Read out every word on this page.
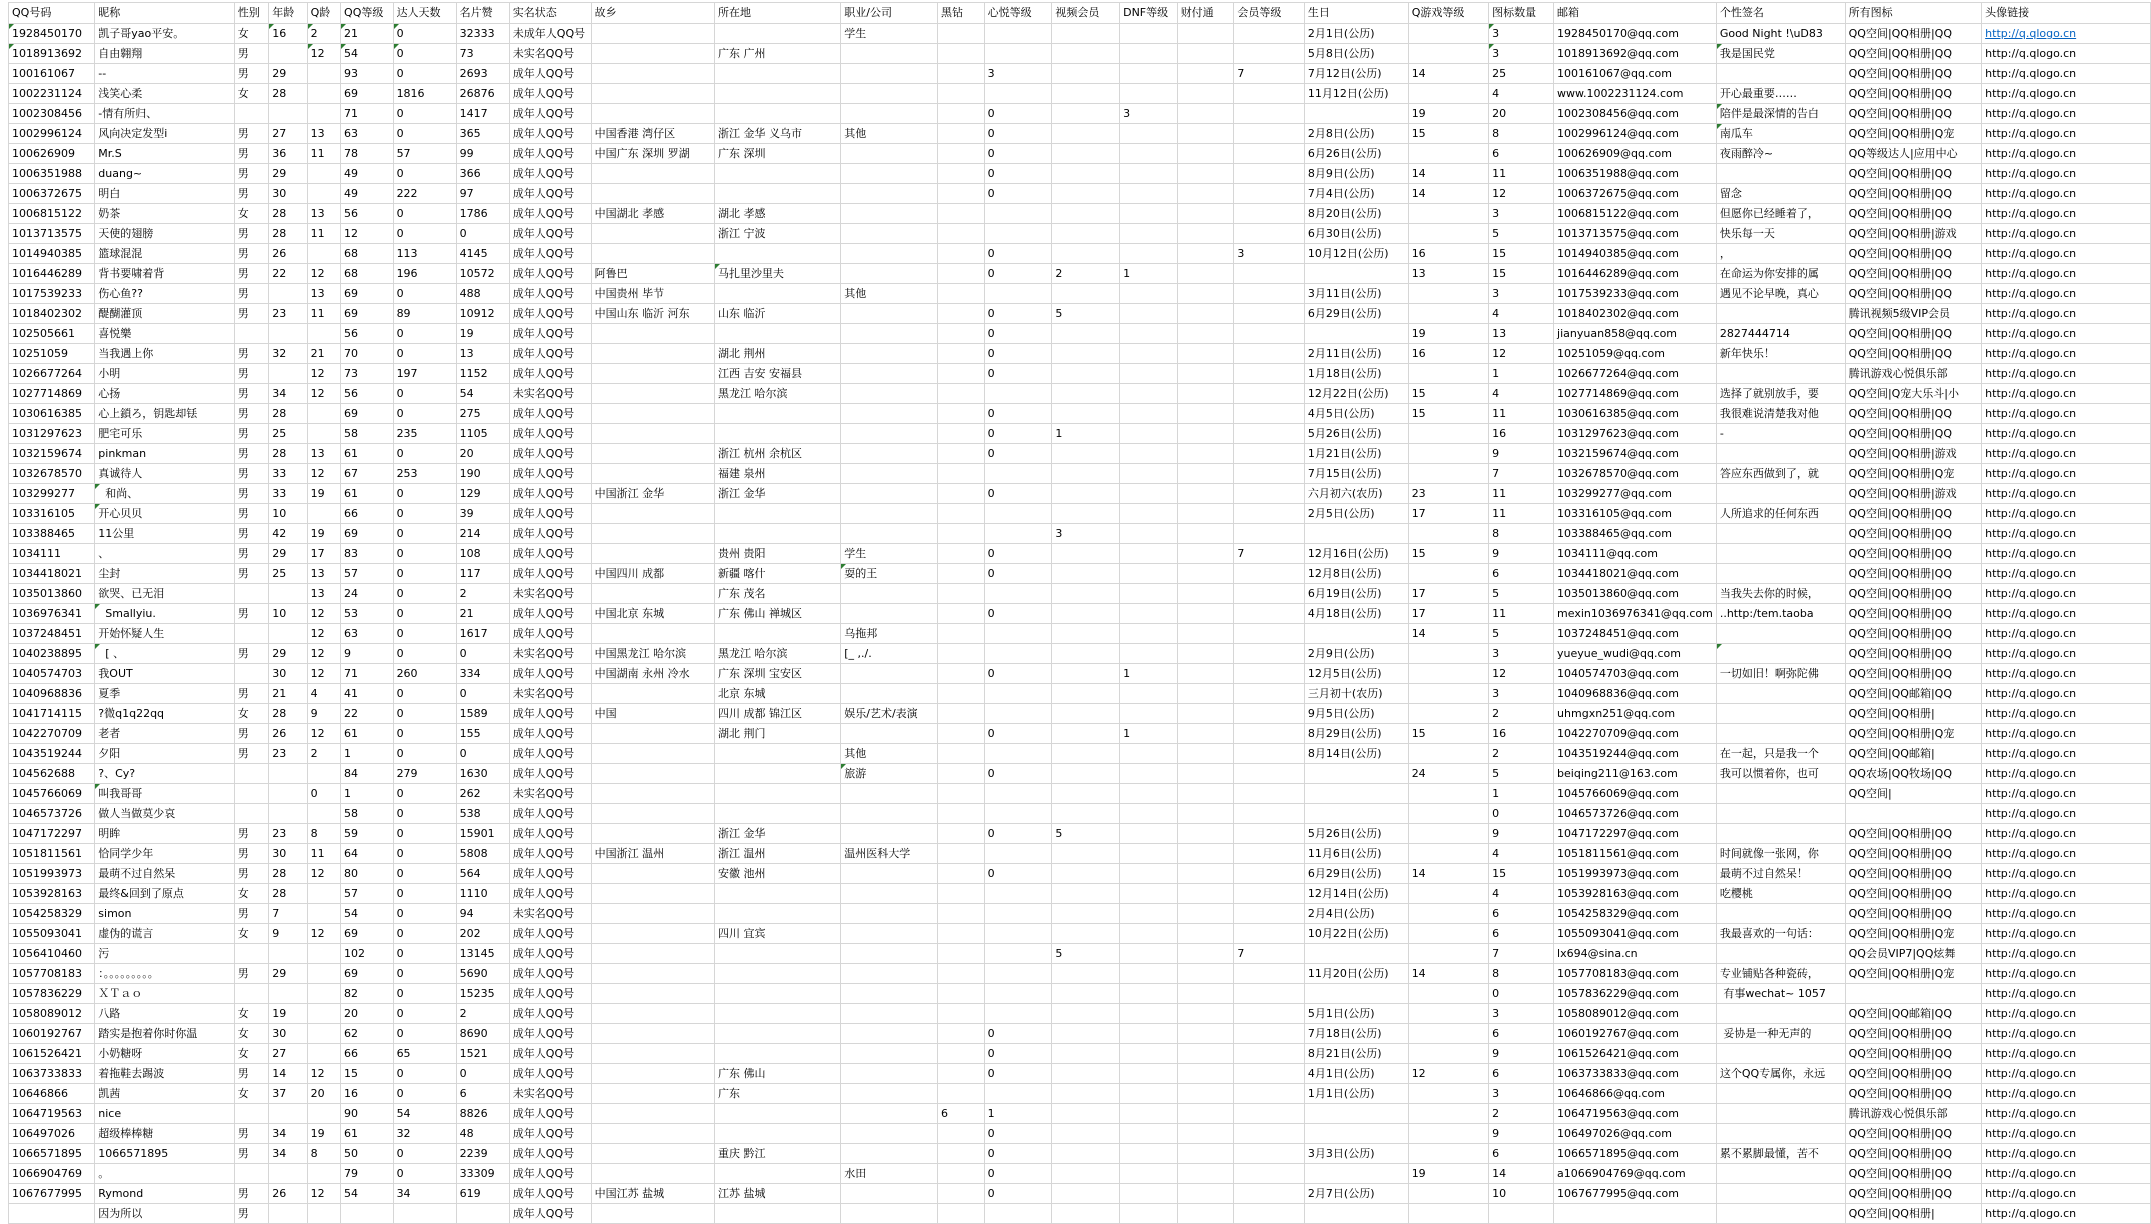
QQ号码	昵称	性别	年龄	Q龄	QQ等级	达人天数	名片赞	实名状态	故乡	所在地	职业/公司	黑钻	心悦等级	视频会员	DNF等级	财付通	会员等级	生日	Q游戏等级	图标数量	邮箱	个性签名	所有图标	头像链接
1928450170	凯子哥yao平安。	女	16	2	21	0	32333	未成年人QQ号			学生							2月1日(公历)		3	1928450170@qq.com	Good Night !\uD83	QQ空间|QQ相册|QQ	http://q.qlogo.cn
1018913692	自由翱翔	男		12	54	0	73	未实名QQ号		广东 广州								5月8日(公历)		3	1018913692@qq.com	我是国民党	QQ空间|QQ相册|QQ	http://q.qlogo.cn
100161067	--	男	29		93	0	2693	成年人QQ号					3				7	7月12日(公历)	14	25	100161067@qq.com		QQ空间|QQ相册|QQ	http://q.qlogo.cn
1002231124	浅笑心柔	女	28		69	1816	26876	成年人QQ号										11月12日(公历)		4	www.1002231124.com	开心最重要……	QQ空间|QQ相册|QQ	http://q.qlogo.cn
1002308456	-情有所归、				71	0	1417	成年人QQ号					0		3				19	20	1002308456@qq.com	陪伴是最深情的告白	QQ空间|QQ相册|QQ	http://q.qlogo.cn
1002996124	风向决定发型i	男	27	13	63	0	365	成年人QQ号	中国香港 湾仔区	浙江 金华 义乌市	其他		0					2月8日(公历)	15	8	1002996124@qq.com	南瓜车	QQ空间|QQ相册|Q宠	http://q.qlogo.cn
100626909	Mr.S	男	36	11	78	57	99	成年人QQ号	中国广东 深圳 罗湖	广东 深圳			0					6月26日(公历)		6	100626909@qq.com	夜雨醉冷~	QQ等级达人|应用中心	http://q.qlogo.cn
1006351988	duang~	男	29		49	0	366	成年人QQ号					0					8月9日(公历)	14	11	1006351988@qq.com		QQ空间|QQ相册|QQ	http://q.qlogo.cn
1006372675	明白	男	30		49	222	97	成年人QQ号					0					7月4日(公历)	14	12	1006372675@qq.com	留念	QQ空间|QQ相册|QQ	http://q.qlogo.cn
1006815122	奶茶	女	28	13	56	0	1786	成年人QQ号	中国湖北 孝感	湖北 孝感								8月20日(公历)		3	1006815122@qq.com	但愿你已经睡着了，	QQ空间|QQ相册|QQ	http://q.qlogo.cn
1013713575	天使的翅膀	男	28	11	12	0	0	成年人QQ号		浙江 宁波								6月30日(公历)		5	1013713575@qq.com	快乐每一天	QQ空间|QQ相册|游戏	http://q.qlogo.cn
1014940385	篮球混混	男	26		68	113	4145	成年人QQ号					0				3	10月12日(公历)	16	15	1014940385@qq.com	，	QQ空间|QQ相册|QQ	http://q.qlogo.cn
1016446289	背书要啸着背	男	22	12	68	196	10572	成年人QQ号	阿鲁巴	马扎里沙里夫			0	2	1				13	15	1016446289@qq.com	在命运为你安排的属	QQ空间|QQ相册|QQ	http://q.qlogo.cn
1017539233	伤心鱼??	男		13	69	0	488	成年人QQ号	中国贵州 毕节		其他							3月11日(公历)		3	1017539233@qq.com	遇见不论早晚，真心	QQ空间|QQ相册|QQ	http://q.qlogo.cn
1018402302	醍醐灌顶	男	23	11	69	89	10912	成年人QQ号	中国山东 临沂 河东	山东 临沂			0	5				6月29日(公历)		4	1018402302@qq.com		腾讯视频5级VIP会员	http://q.qlogo.cn
102505661	喜悦樂				56	0	19	成年人QQ号					0						19	13	jianyuan858@qq.com	2827444714	QQ空间|QQ相册|QQ	http://q.qlogo.cn
10251059	当我遇上你	男	32	21	70	0	13	成年人QQ号		湖北 荆州			0					2月11日(公历)	16	12	10251059@qq.com	新年快乐！	QQ空间|QQ相册|QQ	http://q.qlogo.cn
1026677264	小明	男		12	73	197	1152	成年人QQ号		江西 吉安 安福县			0					1月18日(公历)		1	1026677264@qq.com		腾讯游戏心悦俱乐部	http://q.qlogo.cn
1027714869	心扬	男	34	12	56	0	54	未实名QQ号		黑龙江 哈尔滨								12月22日(公历)	15	4	1027714869@qq.com	选择了就别放手，要	QQ空间|Q宠大乐斗|小	http://q.qlogo.cn
1030616385	心上鎖ろ，钥匙却铥	男	28		69	0	275	成年人QQ号					0					4月5日(公历)	15	11	1030616385@qq.com	我很难说清楚我对他	QQ空间|QQ相册|QQ	http://q.qlogo.cn
1031297623	肥宅可乐	男	25		58	235	1105	成年人QQ号					0	1				5月26日(公历)		16	1031297623@qq.com	-	QQ空间|QQ相册|QQ	http://q.qlogo.cn
1032159674	pinkman	男	28	13	61	0	20	成年人QQ号		浙江 杭州 余杭区			0					1月21日(公历)		9	1032159674@qq.com		QQ空间|QQ相册|游戏	http://q.qlogo.cn
1032678570	真诚待人	男	33	12	67	253	190	成年人QQ号		福建 泉州								7月15日(公历)		7	1032678570@qq.com	答应东西做到了，就	QQ空间|QQ相册|Q宠	http://q.qlogo.cn
103299277	和尚、	男	33	19	61	0	129	成年人QQ号	中国浙江 金华	浙江 金华			0					六月初六(农历)	23	11	103299277@qq.com		QQ空间|QQ相册|游戏	http://q.qlogo.cn
103316105	开心贝贝	男	10		66	0	39	成年人QQ号										2月5日(公历)	17	11	103316105@qq.com	人所追求的任何东西	QQ空间|QQ相册|QQ	http://q.qlogo.cn
103388465	11公里	男	42	19	69	0	214	成年人QQ号						3						8	103388465@qq.com		QQ空间|QQ相册|QQ	http://q.qlogo.cn
1034111	、	男	29	17	83	0	108	成年人QQ号		贵州 贵阳	学生		0				7	12月16日(公历)	15	9	1034111@qq.com		QQ空间|QQ相册|QQ	http://q.qlogo.cn
1034418021	尘封	男	25	13	57	0	117	成年人QQ号	中国四川 成都	新疆 喀什	耍的王		0					12月8日(公历)		6	1034418021@qq.com		QQ空间|QQ相册|QQ	http://q.qlogo.cn
1035013860	欲哭、已无泪			13	24	0	2	未实名QQ号		广东 茂名								6月19日(公历)	17	5	1035013860@qq.com	当我失去你的时候，	QQ空间|QQ相册|QQ	http://q.qlogo.cn
1036976341	Smallyiu.	男	10	12	53	0	21	成年人QQ号	中国北京 东城	广东 佛山 禅城区			0					4月18日(公历)	17	11	mexin1036976341@qq.com	..http:/tem.taoba	QQ空间|QQ相册|QQ	http://q.qlogo.cn
1037248451	开始怀疑人生			12	63	0	1617	成年人QQ号			乌拖邦								14	5	1037248451@qq.com		QQ空间|QQ相册|QQ	http://q.qlogo.cn
1040238895	[ 、	男	29	12	9	0	0	未实名QQ号	中国黑龙江 哈尔滨	黑龙江 哈尔滨	[_ ,./.							2月9日(公历)		3	yueyue_wudi@qq.com		QQ空间|QQ相册|QQ	http://q.qlogo.cn
1040574703	我OUT		30	12	71	260	334	成年人QQ号	中国湖南 永州 冷水	广东 深圳 宝安区			0		1			12月5日(公历)		12	1040574703@qq.com	一切如旧！啊弥陀佛	QQ空间|QQ相册|QQ	http://q.qlogo.cn
1040968836	夏季	男	21	4	41	0	0	未实名QQ号		北京 东城								三月初十(农历)		3	1040968836@qq.com		QQ空间|QQ邮箱|QQ	http://q.qlogo.cn
1041714115	?微q1q22qq	女	28	9	22	0	1589	成年人QQ号	中国	四川 成都 锦江区	娱乐/艺术/表演							9月5日(公历)		2	uhmgxn251@qq.com		QQ空间|QQ相册|	http://q.qlogo.cn
1042270709	老者	男	26	12	61	0	155	成年人QQ号		湖北 荆门			0		1			8月29日(公历)	15	16	1042270709@qq.com		QQ空间|QQ相册|Q宠	http://q.qlogo.cn
1043519244	夕阳	男	23	2	1	0	0	成年人QQ号			其他							8月14日(公历)		2	1043519244@qq.com	在一起，只是我一个	QQ空间|QQ邮箱|	http://q.qlogo.cn
104562688	?、Cy?				84	279	1630	成年人QQ号			旅游		0						24	5	beiqing211@163.com	我可以惯着你，也可	QQ农场|QQ牧场|QQ	http://q.qlogo.cn
1045766069	叫我哥哥			0	1	0	262	未实名QQ号												1	1045766069@qq.com		QQ空间|	http://q.qlogo.cn
1046573726	做人当做莫少哀				58	0	538	成年人QQ号												0	1046573726@qq.com			http://q.qlogo.cn
1047172297	明眸	男	23	8	59	0	15901	成年人QQ号		浙江 金华			0	5				5月26日(公历)		9	1047172297@qq.com		QQ空间|QQ相册|QQ	http://q.qlogo.cn
1051811561	恰同学少年	男	30	11	64	0	5808	成年人QQ号	中国浙江 温州	浙江 温州	温州医科大学							11月6日(公历)		4	1051811561@qq.com	时间就像一张网，你	QQ空间|QQ相册|QQ	http://q.qlogo.cn
1051993973	最萌不过自然呆	男	28	12	80	0	564	成年人QQ号		安徽 池州			0					6月29日(公历)	14	15	1051993973@qq.com	最萌不过自然呆！	QQ空间|QQ相册|QQ	http://q.qlogo.cn
1053928163	最终&回到了原点	女	28		57	0	1110	成年人QQ号										12月14日(公历)		4	1053928163@qq.com	吃樱桃	QQ空间|QQ相册|QQ	http://q.qlogo.cn
1054258329	simon	男	7		54	0	94	未实名QQ号										2月4日(公历)		6	1054258329@qq.com		QQ空间|QQ相册|QQ	http://q.qlogo.cn
1055093041	虚伪的谎言	女	9	12	69	0	202	成年人QQ号		四川 宜宾								10月22日(公历)		6	1055093041@qq.com	我最喜欢的一句话：	QQ空间|QQ相册|Q宠	http://q.qlogo.cn
1056410460	污				102	0	13145	成年人QQ号						5			7			7	lx694@sina.cn		QQ会员VIP7|QQ炫舞	http://q.qlogo.cn
1057708183	：。。。。。。。。。	男	29		69	0	5690	成年人QQ号										11月20日(公历)	14	8	1057708183@qq.com	专业铺贴各种瓷砖，	QQ空间|QQ相册|Q宠	http://q.qlogo.cn
1057836229	ＸＴａｏ				82	0	15235	成年人QQ号												0	1057836229@qq.com	有事wechat~ 1057		http://q.qlogo.cn
1058089012	八路	女	19		20	0	2	成年人QQ号										5月1日(公历)		3	1058089012@qq.com		QQ空间|QQ邮箱|QQ	http://q.qlogo.cn
1060192767	踏实是抱着你时你温	女	30		62	0	8690	成年人QQ号					0					7月18日(公历)		6	1060192767@qq.com	妥协是一种无声的	QQ空间|QQ相册|QQ	http://q.qlogo.cn
1061526421	小奶糖呀	女	27		66	65	1521	成年人QQ号					0					8月21日(公历)		9	1061526421@qq.com		QQ空间|QQ相册|QQ	http://q.qlogo.cn
1063733833	着拖鞋去踢波	男	14	12	15	0	0	成年人QQ号		广东 佛山			0					4月1日(公历)	12	6	1063733833@qq.com	这个QQ专属你，永远	QQ空间|QQ相册|QQ	http://q.qlogo.cn
10646866	凯茜	女	37	20	16	0	6	未实名QQ号		广东								1月1日(公历)		3	10646866@qq.com		QQ空间|QQ相册|QQ	http://q.qlogo.cn
1064719563	nice				90	54	8826	成年人QQ号				6	1							2	1064719563@qq.com		腾讯游戏心悦俱乐部	http://q.qlogo.cn
106497026	超级棒棒糖	男	34	19	61	32	48	成年人QQ号					0							9	106497026@qq.com		QQ空间|QQ相册|QQ	http://q.qlogo.cn
1066571895	1066571895	男	34	8	50	0	2239	成年人QQ号		重庆 黔江			0					3月3日(公历)		6	1066571895@qq.com	累不累脚最懂，苦不	QQ空间|QQ相册|QQ	http://q.qlogo.cn
1066904769	。				79	0	33309	成年人QQ号			水田		0						19	14	a1066904769@qq.com		QQ空间|QQ相册|QQ	http://q.qlogo.cn
1067677995	Rymond	男	26	12	54	34	619	成年人QQ号	中国江苏 盐城	江苏 盐城			0					2月7日(公历)		10	1067677995@qq.com		QQ空间|QQ相册|QQ	http://q.qlogo.cn
	因为所以	男						成年人QQ号															QQ空间|QQ相册|	http://q.qlogo.cn
